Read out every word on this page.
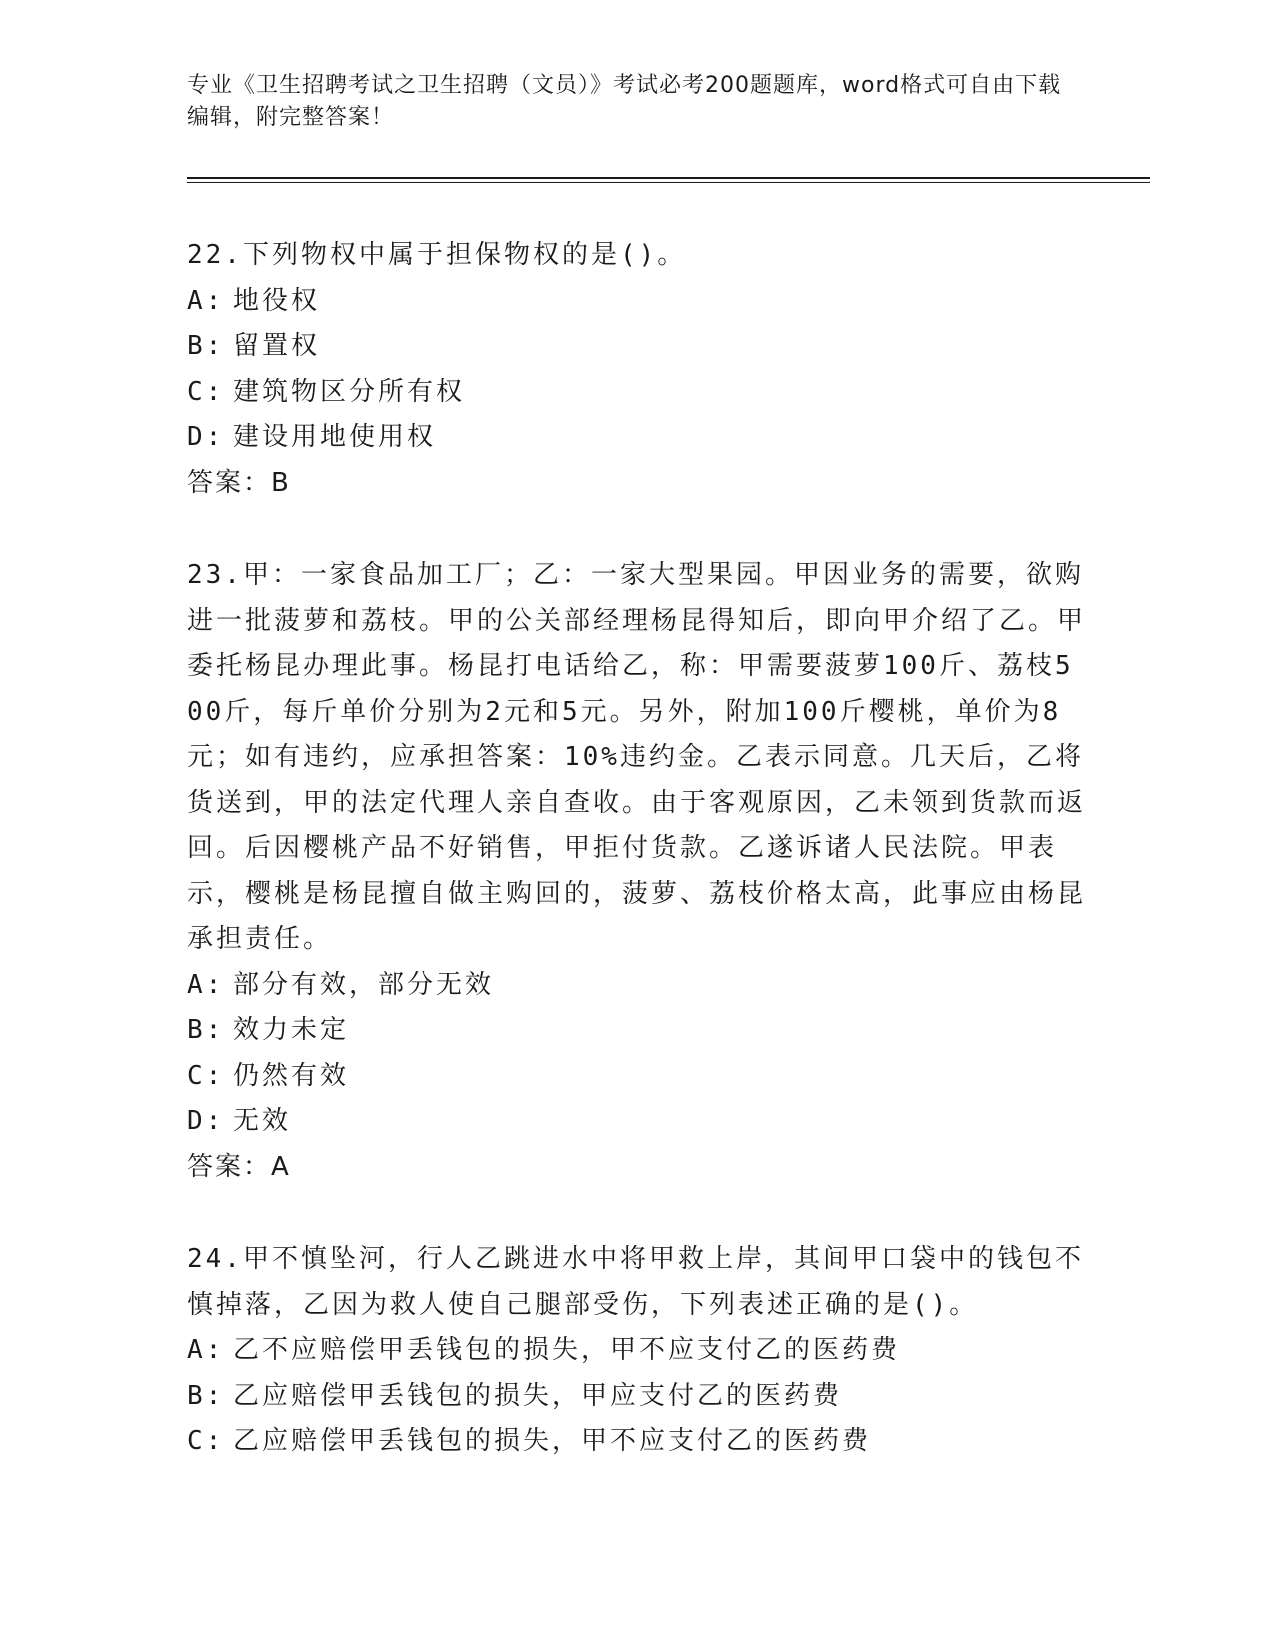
专业《卫生招聘考试之卫生招聘（文员）》考试必考200题题库，word格式可自由下载编辑，附完整答案！

22.下列物权中属于担保物权的是()。

A: 地役权

B: 留置权

C: 建筑物区分所有权

D: 建设用地使用权

答案：B

23.甲：一家食品加工厂；乙：一家大型果园。甲因业务的需要，欲购进一批菠萝和荔枝。甲的公关部经理杨昆得知后，即向甲介绍了乙。甲委托杨昆办理此事。杨昆打电话给乙，称：甲需要菠萝100斤、荔枝500斤，每斤单价分别为2元和5元。另外，附加100斤樱桃，单价为8元；如有违约，应承担答案：10%违约金。乙表示同意。几天后，乙将货送到，甲的法定代理人亲自查收。由于客观原因，乙未领到货款而返回。后因樱桃产品不好销售，甲拒付货款。乙遂诉诸人民法院。甲表示，樱桃是杨昆擅自做主购回的，菠萝、荔枝价格太高，此事应由杨昆承担责任。

A: 部分有效，部分无效

B: 效力未定

C: 仍然有效

D: 无效

答案：A

24.甲不慎坠河，行人乙跳进水中将甲救上岸，其间甲口袋中的钱包不慎掉落，乙因为救人使自己腿部受伤，下列表述正确的是()。

A: 乙不应赔偿甲丢钱包的损失，甲不应支付乙的医药费

B: 乙应赔偿甲丢钱包的损失，甲应支付乙的医药费

C: 乙应赔偿甲丢钱包的损失，甲不应支付乙的医药费
